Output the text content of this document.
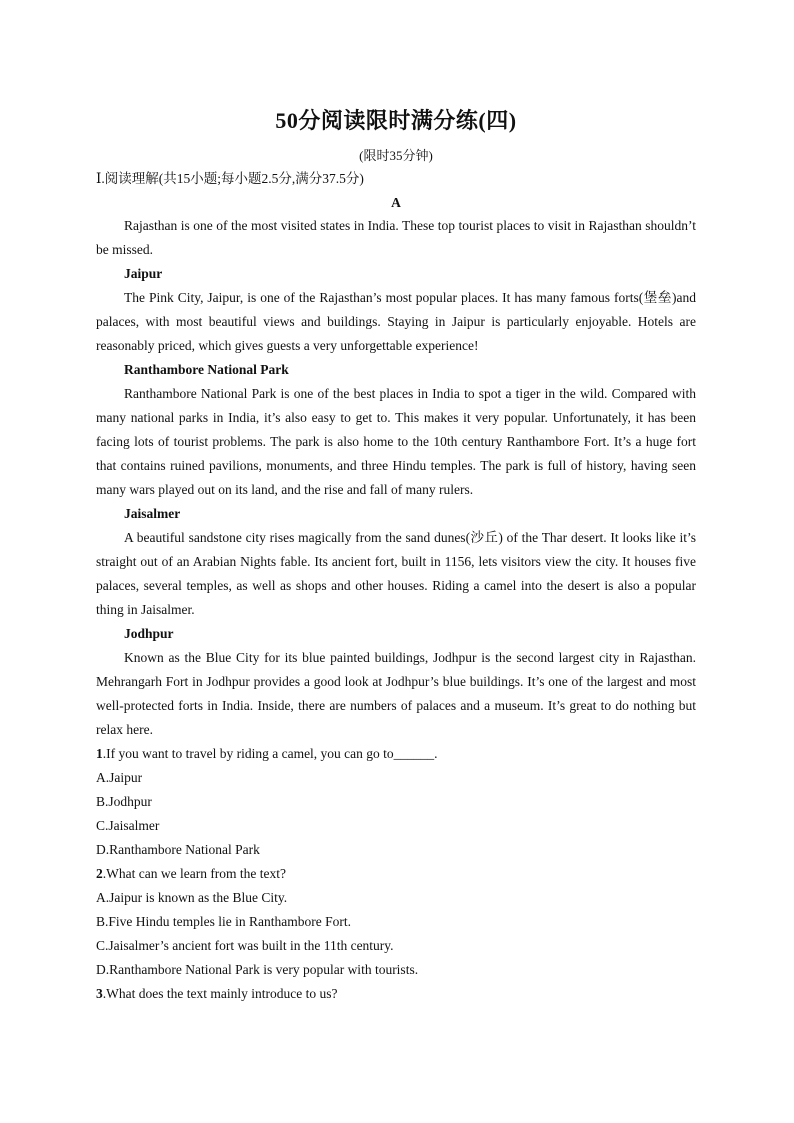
50分阅读限时满分练(四)
(限时35分钟)
Ⅰ.阅读理解(共15小题;每小题2.5分,满分37.5分)
A

Rajasthan is one of the most visited states in India. These top tourist places to visit in Rajasthan shouldn’t be missed.

Jaipur

The Pink City, Jaipur, is one of the Rajasthan’s most popular places. It has many famous forts(堡垒)and palaces, with most beautiful views and buildings. Staying in Jaipur is particularly enjoyable. Hotels are reasonably priced, which gives guests a very unforgettable experience!

Ranthambore National Park

Ranthambore National Park is one of the best places in India to spot a tiger in the wild. Compared with many national parks in India, it’s also easy to get to. This makes it very popular. Unfortunately, it has been facing lots of tourist problems. The park is also home to the 10th century Ranthambore Fort. It’s a huge fort that contains ruined pavilions, monuments, and three Hindu temples. The park is full of history, having seen many wars played out on its land, and the rise and fall of many rulers.

Jaisalmer

A beautiful sandstone city rises magically from the sand dunes(沙丘) of the Thar desert. It looks like it’s straight out of an Arabian Nights fable. Its ancient fort, built in 1156, lets visitors view the city. It houses five palaces, several temples, as well as shops and other houses. Riding a camel into the desert is also a popular thing in Jaisalmer.

Jodhpur

Known as the Blue City for its blue painted buildings, Jodhpur is the second largest city in Rajasthan. Mehrangarh Fort in Jodhpur provides a good look at Jodhpur’s blue buildings. It’s one of the largest and most well-protected forts in India. Inside, there are numbers of palaces and a museum. It’s great to do nothing but relax here.

1.If you want to travel by riding a camel, you can go to______.
A.Jaipur
B.Jodhpur
C.Jaisalmer
D.Ranthambore National Park
2.What can we learn from the text?
A.Jaipur is known as the Blue City.
B.Five Hindu temples lie in Ranthambore Fort.
C.Jaisalmer’s ancient fort was built in the 11th century.
D.Ranthambore National Park is very popular with tourists.
3.What does the text mainly introduce to us?
